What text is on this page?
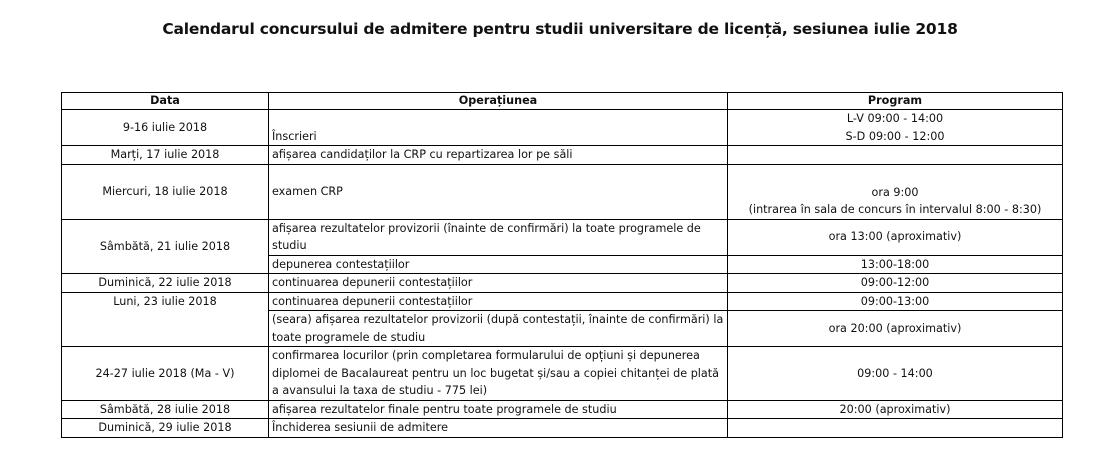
Calendarul concursului de admitere pentru studii universitare de licență, sesiunea iulie 2018
Data	Operațiunea	Program
9-16 iulie 2018	Înscrieri	L-V 09:00 - 14:00
S-D 09:00 - 12:00

Marți, 17 iulie 2018	afișarea candidaților la CRP cu repartizarea lor pe săli	
Miercuri, 18 iulie 2018	examen CRP	ora 9:00
(intrarea în sala de concurs în intervalul 8:00 - 8:30)

Sâmbătă, 21 iulie 2018	afișarea rezultatelor provizorii (înainte de confirmări) la toate programele de studiu	ora 13:00 (aproximativ)
	depunerea contestațiilor	13:00-18:00
Duminică, 22 iulie 2018	continuarea depunerii contestațiilor	09:00-12:00
Luni, 23 iulie 2018	continuarea depunerii contestațiilor	09:00-13:00
	(seara) afișarea rezultatelor provizorii (după contestații, înainte de confirmări) la toate programele de studiu	ora 20:00 (aproximativ)
24-27 iulie 2018 (Ma - V)	confirmarea locurilor (prin completarea formularului de opțiuni și depunerea diplomei de Bacalaureat pentru un loc bugetat și/sau a copiei chitanței de plată a avansului la taxa de studiu - 775 lei)	09:00 - 14:00
Sâmbătă, 28 iulie 2018	afișarea rezultatelor finale pentru toate programele de studiu	20:00 (aproximativ)
Duminică, 29 iulie 2018	Închiderea sesiunii de admitere	
